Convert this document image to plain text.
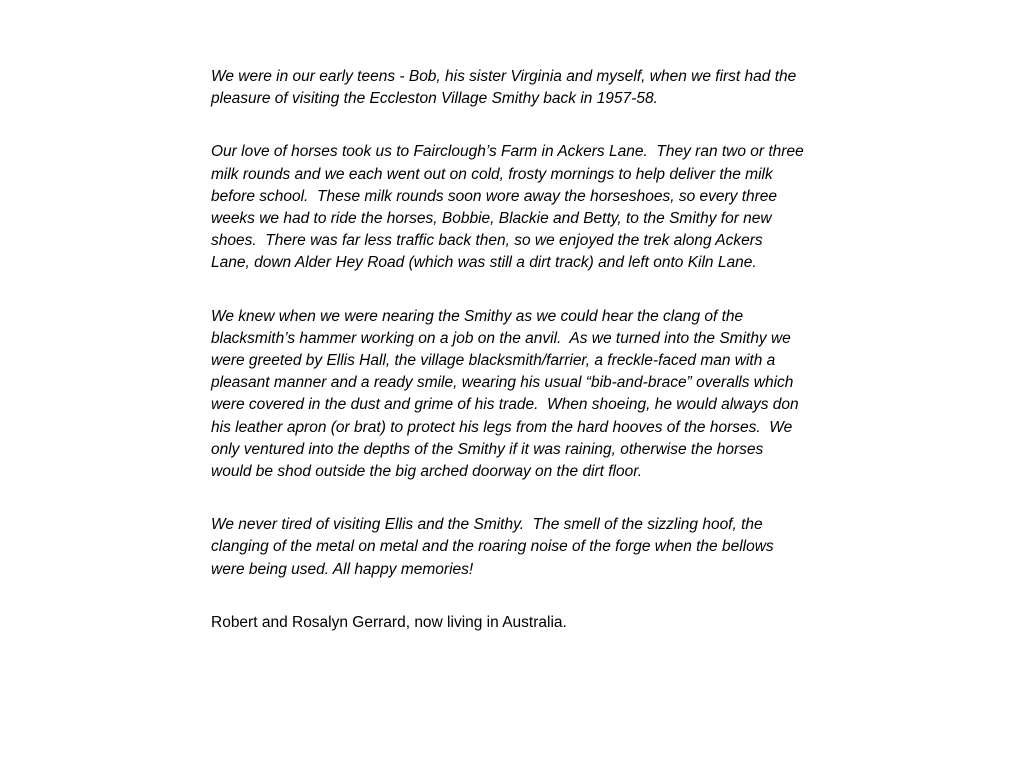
We were in our early teens - Bob, his sister Virginia and myself, when we first had the pleasure of visiting the Eccleston Village Smithy back in 1957-58.

Our love of horses took us to Fairclough’s Farm in Ackers Lane.  They ran two or three milk rounds and we each went out on cold, frosty mornings to help deliver the milk before school.  These milk rounds soon wore away the horseshoes, so every three weeks we had to ride the horses, Bobbie, Blackie and Betty, to the Smithy for new shoes.  There was far less traffic back then, so we enjoyed the trek along Ackers Lane, down Alder Hey Road (which was still a dirt track) and left onto Kiln Lane.

We knew when we were nearing the Smithy as we could hear the clang of the blacksmith’s hammer working on a job on the anvil.  As we turned into the Smithy we were greeted by Ellis Hall, the village blacksmith/farrier, a freckle-faced man with a pleasant manner and a ready smile, wearing his usual “bib-and-brace” overalls which were covered in the dust and grime of his trade.  When shoeing, he would always don his leather apron (or brat) to protect his legs from the hard hooves of the horses.  We only ventured into the depths of the Smithy if it was raining, otherwise the horses would be shod outside the big arched doorway on the dirt floor.

We never tired of visiting Ellis and the Smithy.  The smell of the sizzling hoof, the clanging of the metal on metal and the roaring noise of the forge when the bellows were being used. All happy memories!

Robert and Rosalyn Gerrard, now living in Australia.
